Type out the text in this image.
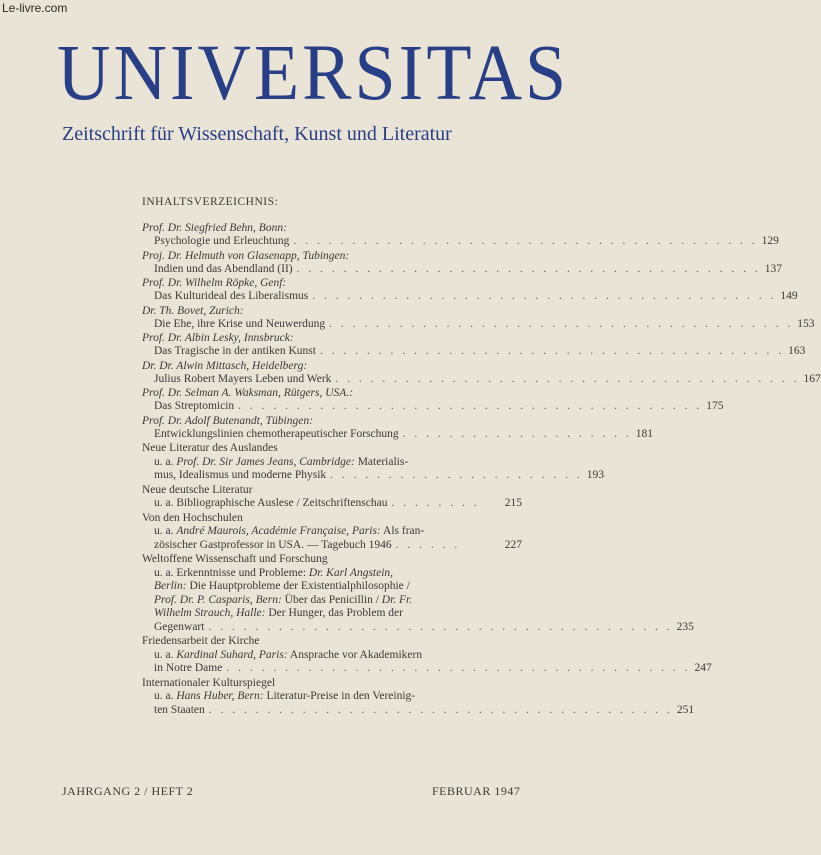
Le-livre.com
UNIVERSITAS
Zeitschrift für Wissenschaft, Kunst und Literatur
INHALTSVERZEICHNIS:
Prof. Dr. Siegfried Behn, Bonn:
Psychologie und Erleuchtung . . . . . . . . . . . . . . . . . . . . . . . . . . . . . . . . . . . . . . . . 129
Proj. Dr. Helmuth von Glasenapp, Tubingen:
Indien und das Abendland (II) . . . . . . . . . . . . . . . . . . . . . . . . . . . . . . . . . . . . . . . . 137
Prof. Dr. Wilhelm Röpke, Genf:
Das Kulturideal des Liberalismus . . . . . . . . . . . . . . . . . . . . . . . . . . . . . . . . . . . . . . . . 149
Dr. Th. Bovet, Zurich:
Die Ehe, ihre Krise und Neuwerdung . . . . . . . . . . . . . . . . . . . . . . . . . . . . . . . . . . . . . . . . 153
Prof. Dr. Albin Lesky, Innsbruck:
Das Tragische in der antiken Kunst . . . . . . . . . . . . . . . . . . . . . . . . . . . . . . . . . . . . . . . . 163
Dr. Dr. Alwin Mittasch, Heidelberg:
Julius Robert Mayers Leben und Werk . . . . . . . . . . . . . . . . . . . . . . . . . . . . . . . . . . . . . . . . 167
Prof. Dr. Selman A. Waksman, Rütgers, USA.:
Das Streptomicin . . . . . . . . . . . . . . . . . . . . . . . . . . . . . . . . . . . . . . . . 175
Prof. Dr. Adolf Butenandt, Tübingen:
Entwicklungslinien chemotherapeutischer Forschung . . . . . . . . . . . . . . . . . . . . 181
Neue Literatur des Auslandes
u. a. Prof. Dr. Sir James Jeans, Cambridge: Materialis-
mus, Idealismus und moderne Physik . . . . . . . . . . . . . . . . . . . . . . 193
Neue deutsche Literatur
u. a. Bibliographische Auslese / Zeitschriftenschau . . . . . . . .	215
Von den Hochschulen
u. a. André Maurois, Académie Française, Paris: Als fran-
zösischer Gastprofessor in USA. — Tagebuch 1946 . . . . . .	227
Weltoffene Wissenschaft und Forschung
u. a. Erkenntnisse und Probleme: Dr. Karl Angstein,
Berlin: Die Hauptprobleme der Existentialphilosophie /
Prof. Dr. P. Casparis, Bern: Über das Penicillin / Dr. Fr.
Wilhelm Strauch, Halle: Der Hunger, das Problem der
Gegenwart . . . . . . . . . . . . . . . . . . . . . . . . . . . . . . . . . . . . . . . . 235
Friedensarbeit der Kirche
u. a. Kardinal Suhard, Paris: Ansprache vor Akademikern
in Notre Dame . . . . . . . . . . . . . . . . . . . . . . . . . . . . . . . . . . . . . . . . 247
Internationaler Kulturspiegel
u. a. Hans Huber, Bern: Literatur-Preise in den Vereinig-
ten Staaten . . . . . . . . . . . . . . . . . . . . . . . . . . . . . . . . . . . . . . . . 251
JAHRGANG 2 / HEFT 2	FEBRUAR 1947
